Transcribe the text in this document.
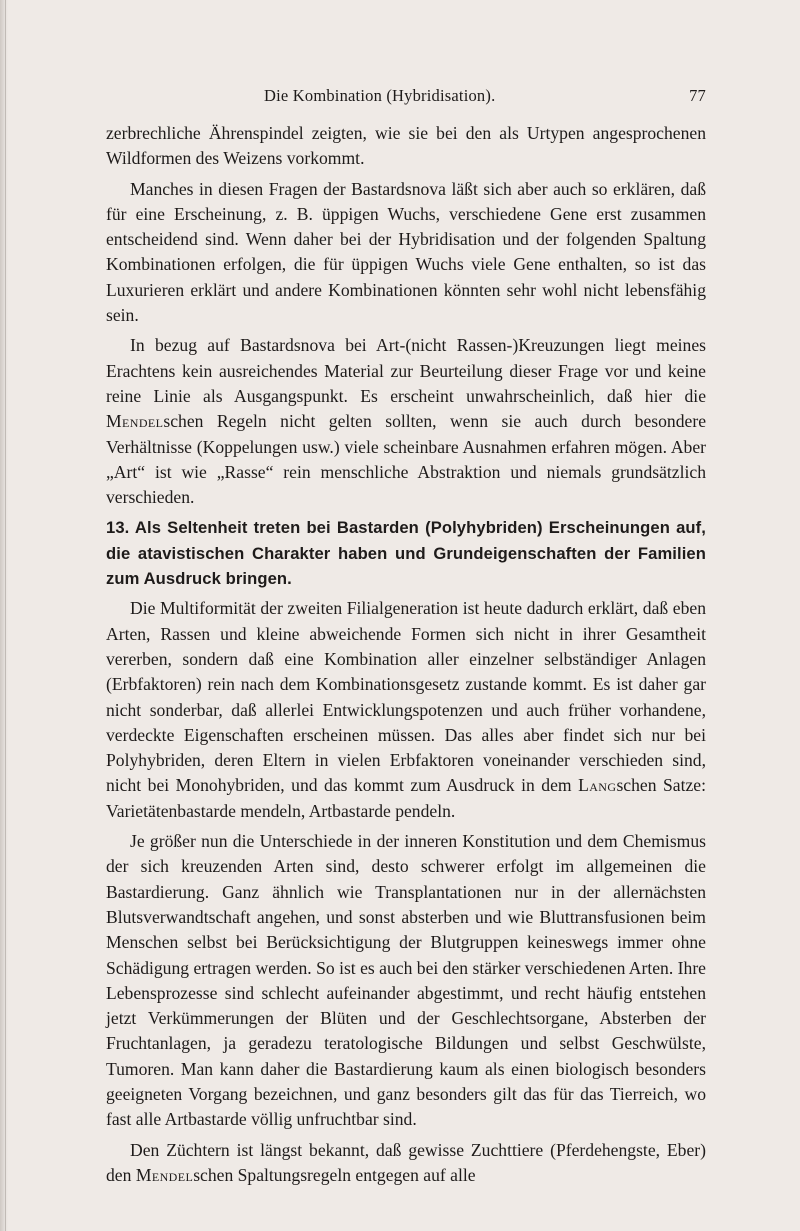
Die Kombination (Hybridisation).	77

zerbrechliche Ährenspindel zeigten, wie sie bei den als Urtypen angesprochenen Wildformen des Weizens vorkommt.

Manches in diesen Fragen der Bastardsnova läßt sich aber auch so erklären, daß für eine Erscheinung, z. B. üppigen Wuchs, verschiedene Gene erst zusammen entscheidend sind. Wenn daher bei der Hybridisation und der folgenden Spaltung Kombinationen erfolgen, die für üppigen Wuchs viele Gene enthalten, so ist das Luxurieren erklärt und andere Kombinationen könnten sehr wohl nicht lebensfähig sein.

In bezug auf Bastardsnova bei Art-(nicht Rassen-)Kreuzungen liegt meines Erachtens kein ausreichendes Material zur Beurteilung dieser Frage vor und keine reine Linie als Ausgangspunkt. Es erscheint unwahrscheinlich, daß hier die Mendelschen Regeln nicht gelten sollten, wenn sie auch durch besondere Verhältnisse (Koppelungen usw.) viele scheinbare Ausnahmen erfahren mögen. Aber „Art“ ist wie „Rasse“ rein menschliche Abstraktion und niemals grundsätzlich verschieden.

13. Als Seltenheit treten bei Bastarden (Polyhybriden) Erscheinungen auf, die atavistischen Charakter haben und Grundeigenschaften der Familien zum Ausdruck bringen.

Die Multiformität der zweiten Filialgeneration ist heute dadurch erklärt, daß eben Arten, Rassen und kleine abweichende Formen sich nicht in ihrer Gesamtheit vererben, sondern daß eine Kombination aller einzelner selbständiger Anlagen (Erbfaktoren) rein nach dem Kombinationsgesetz zustande kommt. Es ist daher gar nicht sonderbar, daß allerlei Entwicklungspotenzen und auch früher vorhandene, verdeckte Eigenschaften erscheinen müssen. Das alles aber findet sich nur bei Polyhybriden, deren Eltern in vielen Erbfaktoren voneinander verschieden sind, nicht bei Monohybriden, und das kommt zum Ausdruck in dem Langschen Satze: Varietätenbastarde mendeln, Artbastarde pendeln.

Je größer nun die Unterschiede in der inneren Konstitution und dem Chemismus der sich kreuzenden Arten sind, desto schwerer erfolgt im allgemeinen die Bastardierung. Ganz ähnlich wie Transplantationen nur in der allernächsten Blutsverwandtschaft angehen, und sonst absterben und wie Bluttransfusionen beim Menschen selbst bei Berücksichtigung der Blutgruppen keineswegs immer ohne Schädigung ertragen werden. So ist es auch bei den stärker verschiedenen Arten. Ihre Lebensprozesse sind schlecht aufeinander abgestimmt, und recht häufig entstehen jetzt Verkümmerungen der Blüten und der Geschlechtsorgane, Absterben der Fruchtanlagen, ja geradezu teratologische Bildungen und selbst Geschwülste, Tumoren. Man kann daher die Bastardierung kaum als einen biologisch besonders geeigneten Vorgang bezeichnen, und ganz besonders gilt das für das Tierreich, wo fast alle Artbastarde völlig unfruchtbar sind.

Den Züchtern ist längst bekannt, daß gewisse Zuchttiere (Pferdehengste, Eber) den Mendelschen Spaltungsregeln entgegen auf alle
